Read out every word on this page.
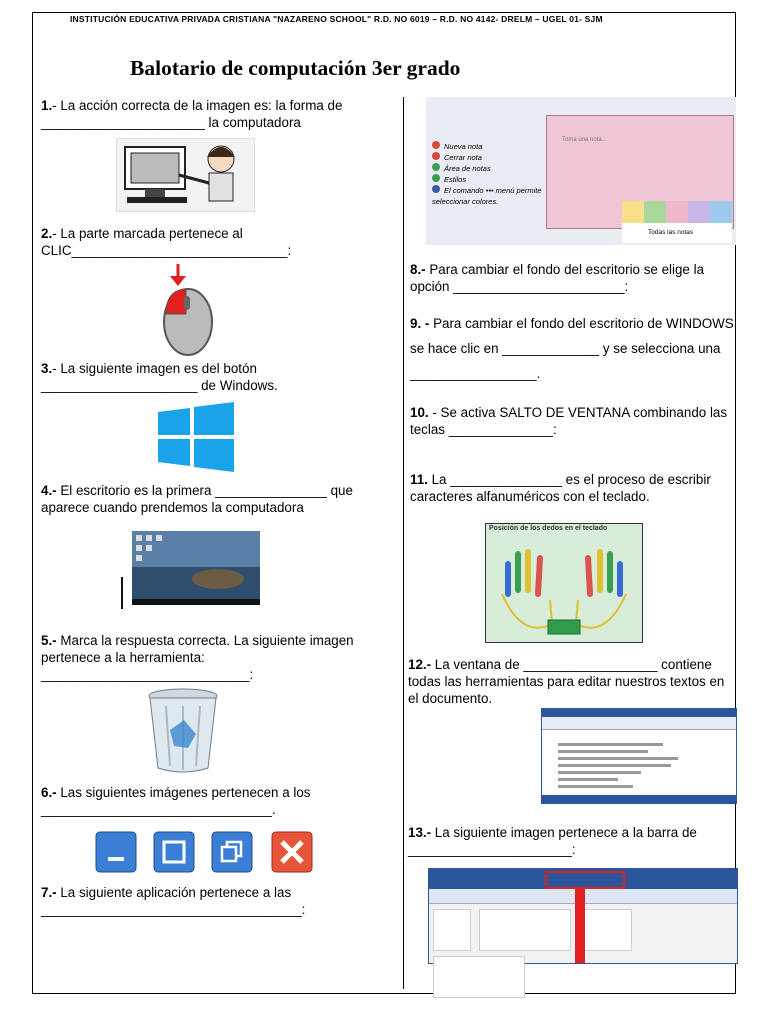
INSTITUCIÓN EDUCATIVA PRIVADA CRISTIANA "NAZARENO SCHOOL" R.D. NO 6019 – R.D. NO 4142- DRELM – UGEL 01- SJM
Balotario de computación 3er grado
1.- La acción correcta de la imagen es: la forma de ______________________ la computadora
2.- La parte marcada pertenece al CLIC_____________________________:
3.- La siguiente imagen es del botón _____________________ de Windows.
4.- El escritorio es la primera _______________ que aparece cuando prendemos la computadora
5.- Marca la respuesta correcta. La siguiente imagen pertenece a la herramienta: ____________________________:
6.- Las siguientes imágenes pertenecen a los _______________________________.
7.- La siguiente aplicación pertenece a las ___________________________________:
Toma una nota...
Nueva nota
Cerrar nota
Área de notas
Estilos
El comando ••• menú permite seleccionar colores.
Todas las notas
8.- Para cambiar el fondo del escritorio se elige la opción _______________________:
9. - Para cambiar el fondo del escritorio de WINDOWS se hace clic en _____________ y se selecciona una _________________.
10. - Se activa SALTO DE VENTANA combinando las teclas ______________:
11. La _______________ es el proceso de escribir caracteres alfanuméricos con el teclado.
Posición de los dedos en el teclado
12.- La ventana de __________________ contiene todas las herramientas para editar nuestros textos en el documento.
13.- La siguiente imagen pertenece a la barra de ______________________:
